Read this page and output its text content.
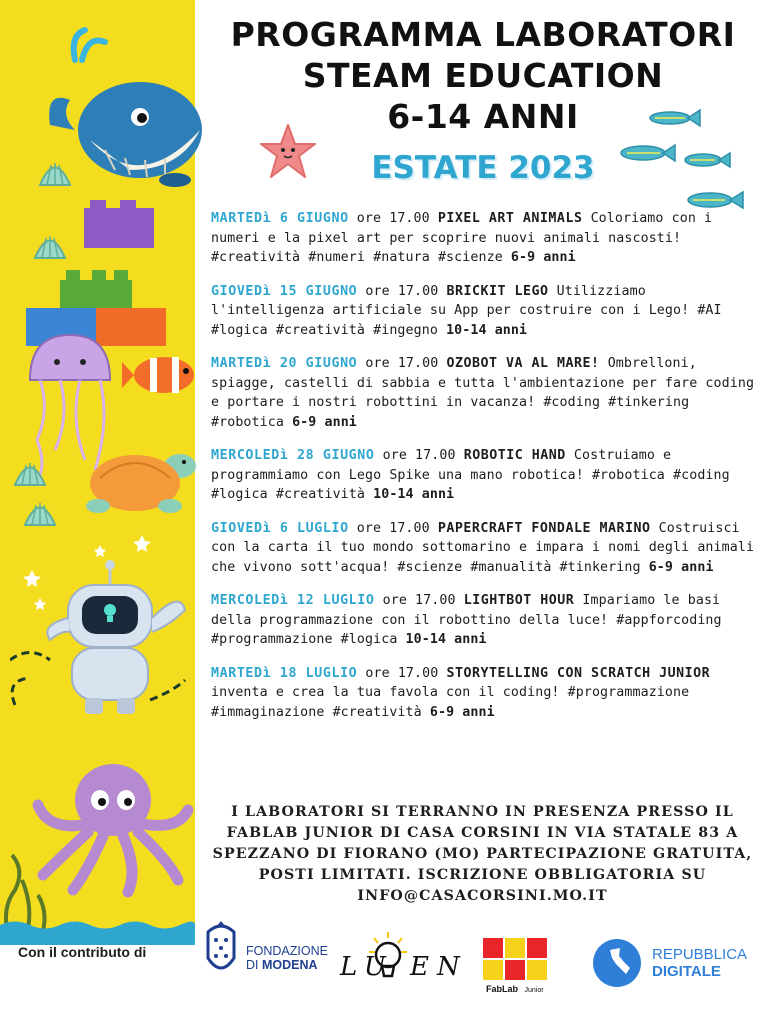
PROGRAMMA LABORATORI
STEAM EDUCATION
6-14 ANNI
ESTATE 2023
MARTEDì 6 GIUGNO ore 17.00 PIXEL ART ANIMALS Coloriamo con i numeri e la pixel art per scoprire nuovi animali nascosti! #creatività #numeri #natura #scienze 6-9 anni
GIOVEDì 15 GIUGNO ore 17.00 BRICKIT LEGO Utilizziamo l'intelligenza artificiale su App per costruire con i Lego! #AI #logica #creatività #ingegno 10-14 anni
MARTEDì 20 GIUGNO ore 17.00 OZOBOT VA AL MARE! Ombrelloni, spiagge, castelli di sabbia e tutta l'ambientazione per fare coding e portare i nostri robottini in vacanza! #coding #tinkering #robotica 6-9 anni
MERCOLEDì 28 GIUGNO ore 17.00 ROBOTIC HAND Costruiamo e programmiamo con Lego Spike una mano robotica! #robotica #coding #logica #creatività 10-14 anni
GIOVEDì 6 LUGLIO ore 17.00 PAPERCRAFT FONDALE MARINO Costruisci con la carta il tuo mondo sottomarino e impara i nomi degli animali che vivono sott'acqua! #scienze #manualità #tinkering 6-9 anni
MERCOLEDì 12 LUGLIO ore 17.00 LIGHTBOT HOUR Impariamo le basi della programmazione con il robottino della luce! #appforcoding #programmazione #logica 10-14 anni
MARTEDì 18 LUGLIO ore 17.00 STORYTELLING CON SCRATCH JUNIOR inventa e crea la tua favola con il coding! #programmazione #immaginazione #creatività 6-9 anni
I LABORATORI SI TERRANNO IN PRESENZA PRESSO IL FABLAB JUNIOR DI CASA CORSINI IN VIA STATALE 83 A SPEZZANO DI FIORANO (MO) PARTECIPAZIONE GRATUITA, POSTI LIMITATI. ISCRIZIONE OBBLIGATORIA SU INFO@CASACORSINI.MO.IT
Con il contributo di	FONDAZIONE
DI MODENA LU EN
FabLab Junior
REPUBBLICA
DIGITALE
